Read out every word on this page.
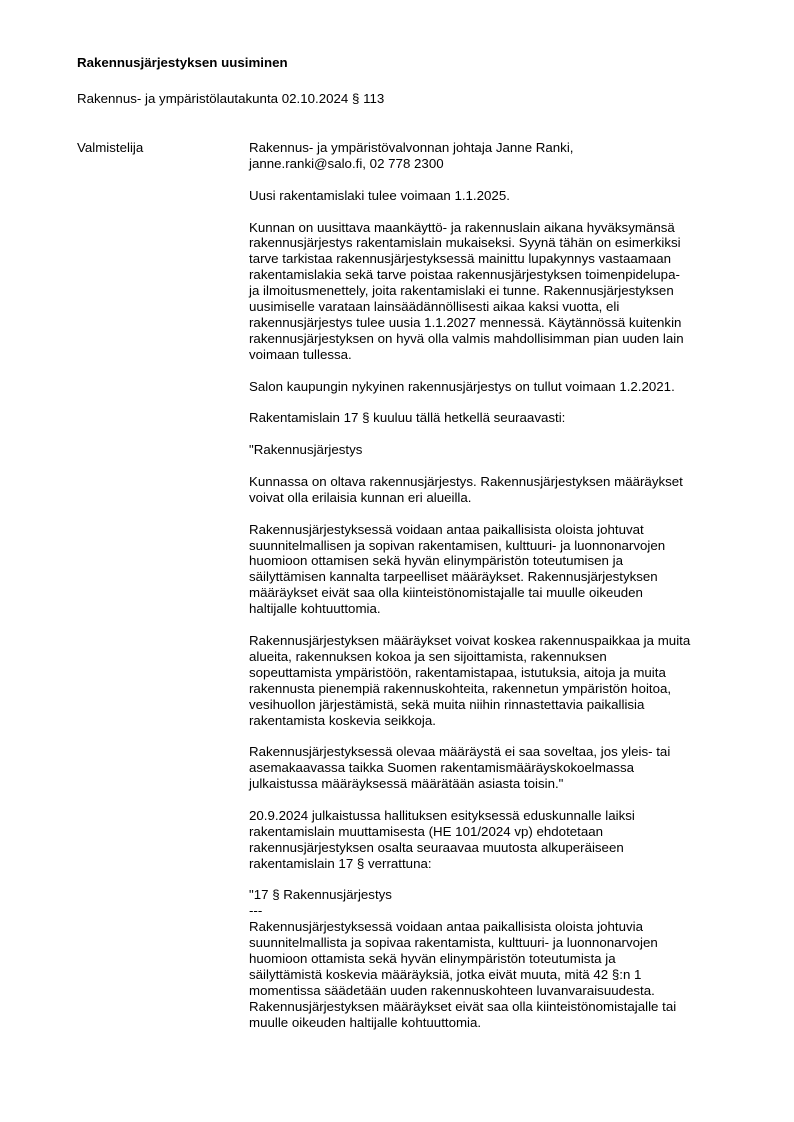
Rakennusjärjestyksen uusiminen
Rakennus- ja ympäristölautakunta 02.10.2024 § 113
Valmistelija	Rakennus- ja ympäristövalvonnan johtaja Janne Ranki,
janne.ranki@salo.fi, 02 778 2300
Uusi rakentamislaki tulee voimaan 1.1.2025.
Kunnan on uusittava maankäyttö- ja rakennuslain aikana hyväksymänsä
rakennusjärjestys rakentamislain mukaiseksi. Syynä tähän on esimerkiksi
tarve tarkistaa rakennusjärjestyksessä mainittu lupakynnys vastaamaan
rakentamislakia sekä tarve poistaa rakennusjärjestyksen toimenpidelupa-
ja ilmoitusmenettely, joita rakentamislaki ei tunne. Rakennusjärjestyksen
uusimiselle varataan lainsäädännöllisesti aikaa kaksi vuotta, eli
rakennusjärjestys tulee uusia 1.1.2027 mennessä. Käytännössä kuitenkin
rakennusjärjestyksen on hyvä olla valmis mahdollisimman pian uuden lain
voimaan tullessa.
Salon kaupungin nykyinen rakennusjärjestys on tullut voimaan 1.2.2021.
Rakentamislain 17 § kuuluu tällä hetkellä seuraavasti:
"Rakennusjärjestys
Kunnassa on oltava rakennusjärjestys. Rakennusjärjestyksen määräykset
voivat olla erilaisia kunnan eri alueilla.
Rakennusjärjestyksessä voidaan antaa paikallisista oloista johtuvat
suunnitelmallisen ja sopivan rakentamisen, kulttuuri- ja luonnonarvojen
huomioon ottamisen sekä hyvän elinympäristön toteutumisen ja
säilyttämisen kannalta tarpeelliset määräykset. Rakennusjärjestyksen
määräykset eivät saa olla kiinteistönomistajalle tai muulle oikeuden
haltijalle kohtuuttomia.
Rakennusjärjestyksen määräykset voivat koskea rakennuspaikkaa ja muita
alueita, rakennuksen kokoa ja sen sijoittamista, rakennuksen
sopeuttamista ympäristöön, rakentamistapaa, istutuksia, aitoja ja muita
rakennusta pienempiä rakennuskohteita, rakennetun ympäristön hoitoa,
vesihuollon järjestämistä, sekä muita niihin rinnastettavia paikallisia
rakentamista koskevia seikkoja.
Rakennusjärjestyksessä olevaa määräystä ei saa soveltaa, jos yleis- tai
asemakaavassa taikka Suomen rakentamismääräyskokoelmassa
julkaistussa määräyksessä määrätään asiasta toisin."
20.9.2024 julkaistussa hallituksen esityksessä eduskunnalle laiksi
rakentamislain muuttamisesta (HE 101/2024 vp) ehdotetaan
rakennusjärjestyksen osalta seuraavaa muutosta alkuperäiseen
rakentamislain 17 § verrattuna:
"17 § Rakennusjärjestys
---
Rakennusjärjestyksessä voidaan antaa paikallisista oloista johtuvia
suunnitelmallista ja sopivaa rakentamista, kulttuuri- ja luonnonarvojen
huomioon ottamista sekä hyvän elinympäristön toteutumista ja
säilyttämistä koskevia määräyksiä, jotka eivät muuta, mitä 42 §:n 1
momentissa säädetään uuden rakennuskohteen luvanvaraisuudesta.
Rakennusjärjestyksen määräykset eivät saa olla kiinteistönomistajalle tai
muulle oikeuden haltijalle kohtuuttomia.
